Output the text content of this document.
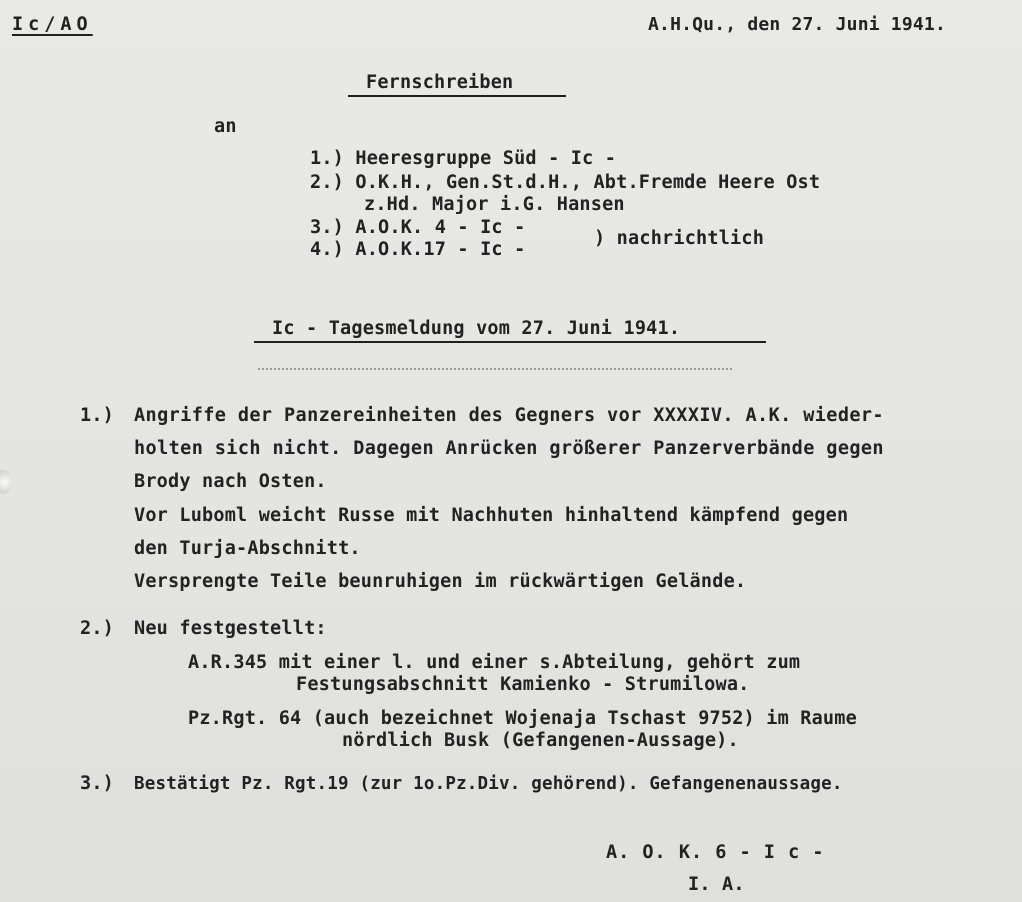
Ic/AO	A.H.Qu., den 27. Juni 1941.
Fernschreiben
an
1.) Heeresgruppe Süd - Ic -
2.) O.K.H., Gen.St.d.H., Abt.Fremde Heere Ost
z.Hd. Major i.G. Hansen
3.) A.O.K. 4 - Ic -
4.) A.O.K.17 - Ic -
) nachrichtlich
Ic - Tagesmeldung vom 27. Juni 1941.
1.) Angriffe der Panzereinheiten des Gegners vor XXXXIV. A.K. wieder-
holten sich nicht. Dagegen Anrücken größerer Panzerverbände gegen
Brody nach Osten.
Vor Luboml weicht Russe mit Nachhuten hinhaltend kämpfend gegen
den Turja-Abschnitt.
Versprengte Teile beunruhigen im rückwärtigen Gelände.
2.) Neu festgestellt:
A.R.345 mit einer l. und einer s.Abteilung, gehört zum
Festungsabschnitt Kamienko - Strumilowa.
Pz.Rgt. 64 (auch bezeichnet Wojenaja Tschast 9752) im Raume
nördlich Busk (Gefangenen-Aussage).
3.) Bestätigt Pz. Rgt.19 (zur 1o.Pz.Div. gehörend). Gefangenenaussage.
A. O. K. 6 - I c -
I. A.
